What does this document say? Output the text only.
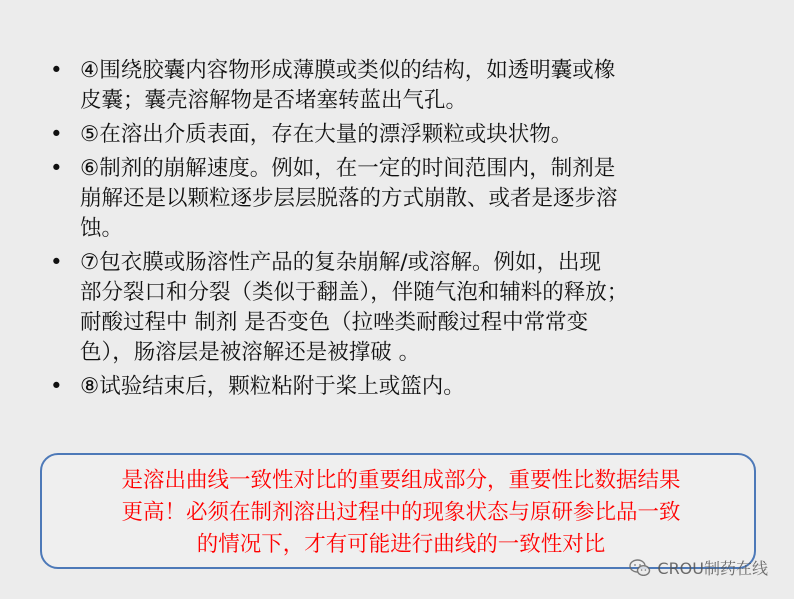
• ④围绕胶囊内容物形成薄膜或类似的结构，如透明囊或橡
皮囊；囊壳溶解物是否堵塞转蓝出气孔。
• ⑤在溶出介质表面，存在大量的漂浮颗粒或块状物。
• ⑥制剂的崩解速度。例如，在一定的时间范围内，制剂是
崩解还是以颗粒逐步层层脱落的方式崩散、或者是逐步溶
蚀。
• ⑦包衣膜或肠溶性产品的复杂崩解/或溶解。例如，出现
部分裂口和分裂（类似于翻盖），伴随气泡和辅料的释放；
耐酸过程中 制剂 是否变色（拉唑类耐酸过程中常常变
色），肠溶层是被溶解还是被撑破 。
• ⑧试验结束后，颗粒粘附于桨上或篮内。
是溶出曲线一致性对比的重要组成部分，重要性比数据结果
更高！必须在制剂溶出过程中的现象状态与原研参比品一致
的情况下，才有可能进行曲线的一致性对比
CROU制药在线
